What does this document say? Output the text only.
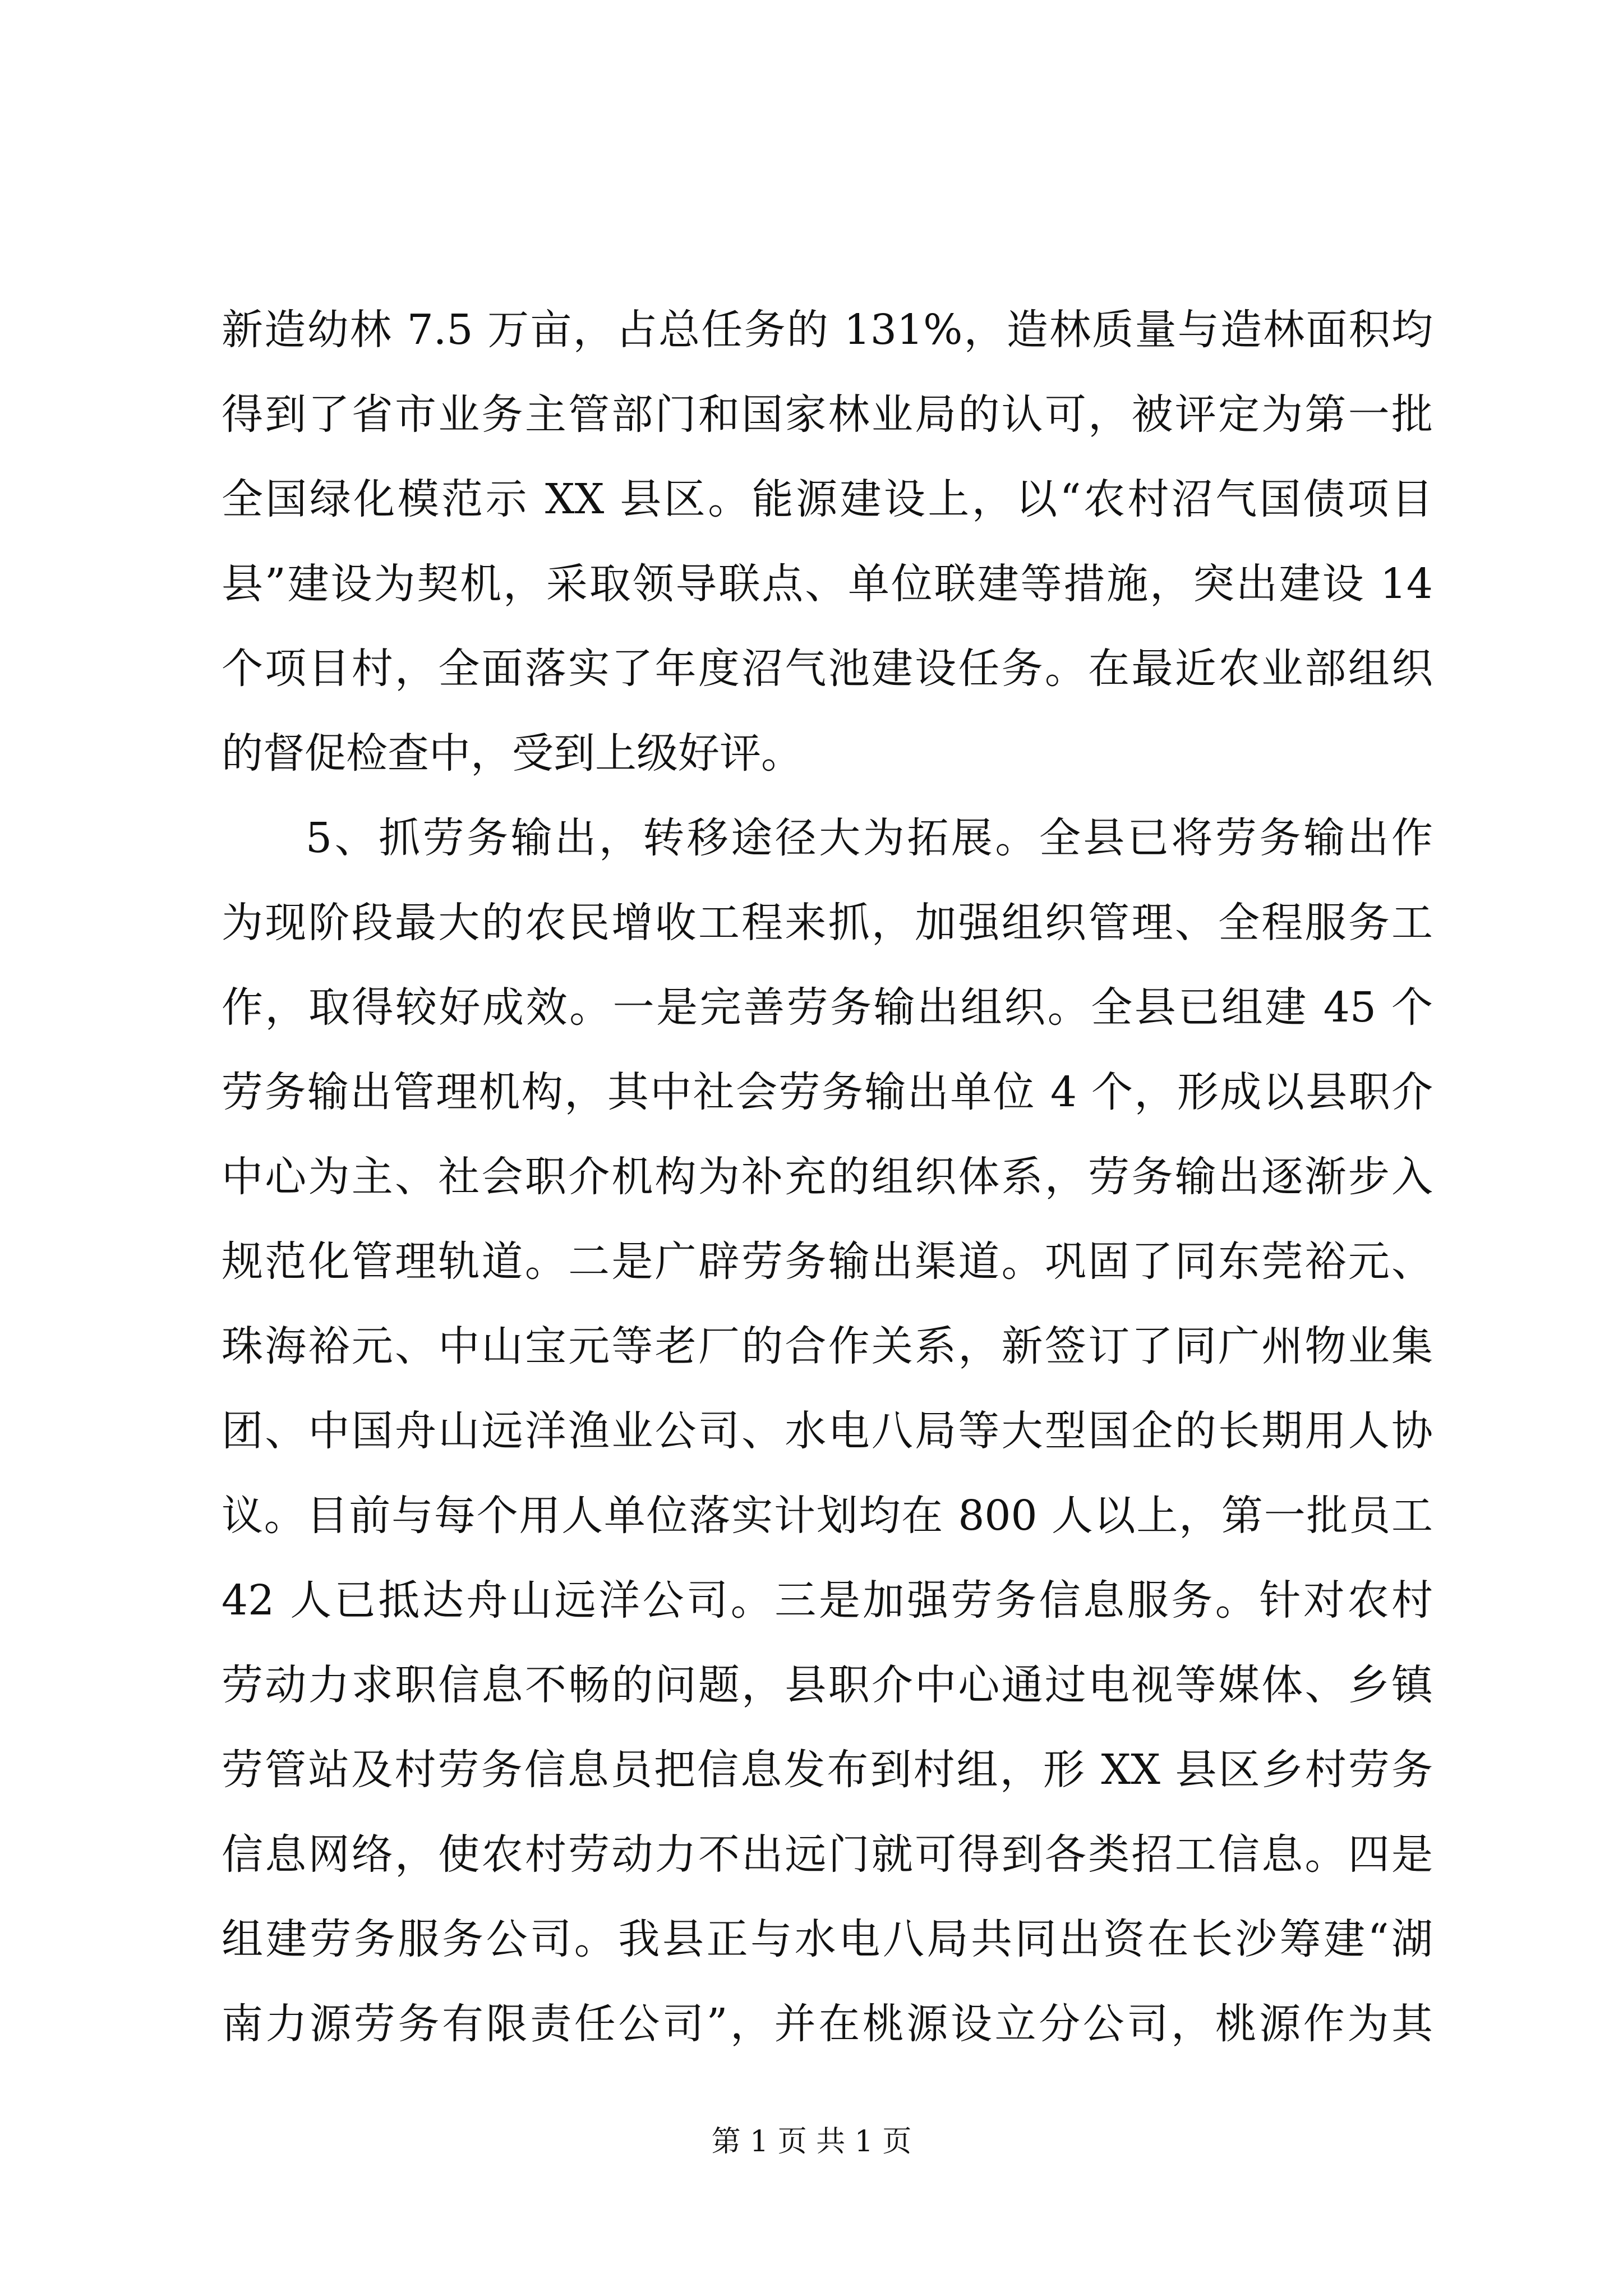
新造幼林 7.5 万亩，占总任务的 131%，造林质量与造林面积均
得到了省市业务主管部门和国家林业局的认可，被评定为第一批
全国绿化模范示 XX 县区。能源建设上，以“农村沼气国债项目
县”建设为契机，采取领导联点、单位联建等措施，突出建设 14
个项目村，全面落实了年度沼气池建设任务。在最近农业部组织
的督促检查中，受到上级好评。
5、抓劳务输出，转移途径大为拓展。全县已将劳务输出作
为现阶段最大的农民增收工程来抓，加强组织管理、全程服务工
作，取得较好成效。一是完善劳务输出组织。全县已组建 45 个
劳务输出管理机构，其中社会劳务输出单位 4 个，形成以县职介
中心为主、社会职介机构为补充的组织体系，劳务输出逐渐步入
规范化管理轨道。二是广辟劳务输出渠道。巩固了同东莞裕元、
珠海裕元、中山宝元等老厂的合作关系，新签订了同广州物业集
团、中国舟山远洋渔业公司、水电八局等大型国企的长期用人协
议。目前与每个用人单位落实计划均在 800 人以上，第一批员工
42 人已抵达舟山远洋公司。三是加强劳务信息服务。针对农村
劳动力求职信息不畅的问题，县职介中心通过电视等媒体、乡镇
劳管站及村劳务信息员把信息发布到村组，形 XX 县区乡村劳务
信息网络，使农村劳动力不出远门就可得到各类招工信息。四是
组建劳务服务公司。我县正与水电八局共同出资在长沙筹建“湖
南力源劳务有限责任公司”，并在桃源设立分公司，桃源作为其
第 1 页 共 1 页
